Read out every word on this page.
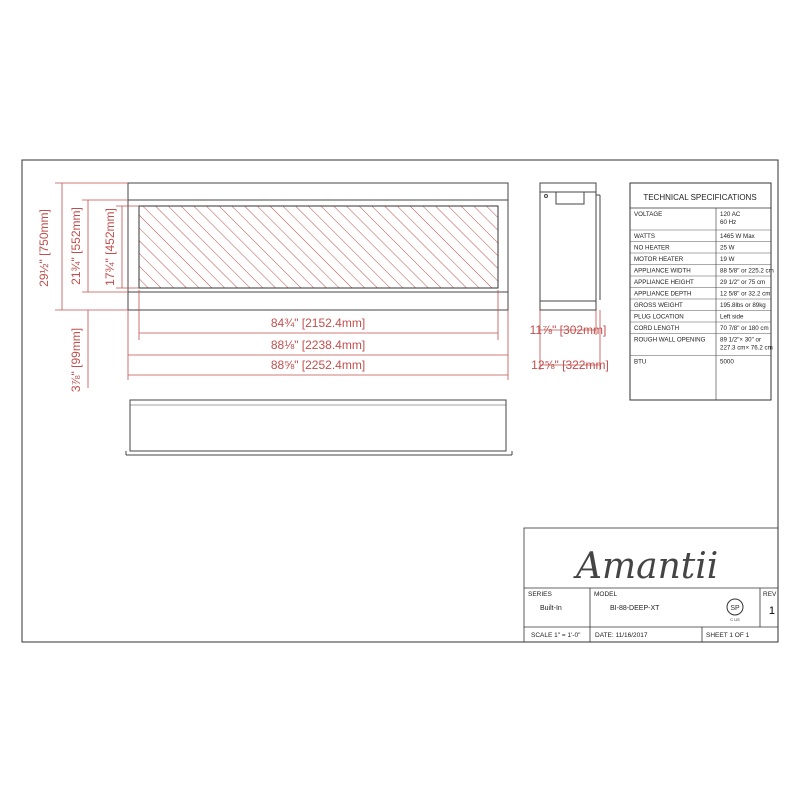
29½" [750mm] 21¾" [552mm] 17¾" [452mm]
3⅞" [99mm]
84¾" [2152.4mm]
88⅛" [2238.4mm]
88⅝" [2252.4mm]
11⅞" [302mm]
12⅝" [322mm]
TECHNICAL SPECIFICATIONS
VOLTAGE	120 AC
60 Hz
WATTS	1465 W Max
NO HEATER	25 W
MOTOR HEATER	19 W
APPLIANCE WIDTH	88 5/8" or 225.2 cm
APPLIANCE HEIGHT	29 1/2" or 75 cm
APPLIANCE DEPTH	12 5/8" or 32.2 cm
GROSS WEIGHT	195.8lbs or 89kg
PLUG LOCATION	Left side
CORD LENGTH	70 7/8" or 180 cm
ROUGH WALL OPENING 89 1/2"× 30" or
227.3 cm× 76.2 cm
BTU	5000
Amantii
SERIES
Built-In
MODEL
BI-88-DEEP-XT
REV
1
SP
C US
SCALE 1" = 1'-0" DATE: 11/16/2017	SHEET 1 OF 1
